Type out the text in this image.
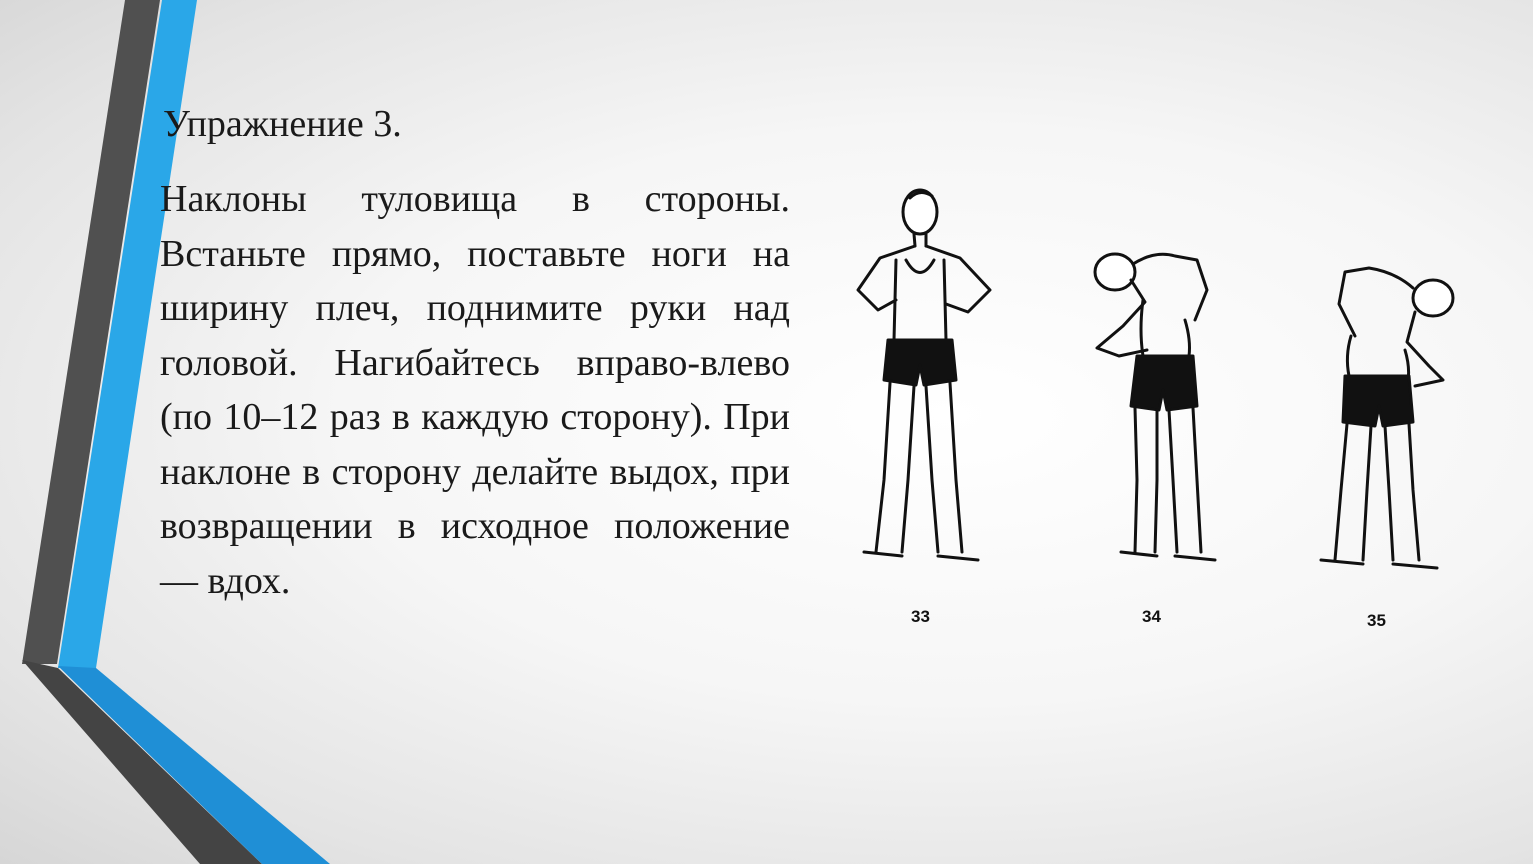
Упражнение 3.
Наклоны туловища в стороны. Встаньте прямо, поставьте ноги на ширину плеч, поднимите руки над головой. Нагибайтесь вправо-влево (по 10–12 раз в каждую сторону). При наклоне в сторону делайте выдох, при возвращении в исходное положение — вдох.
33	34	35
